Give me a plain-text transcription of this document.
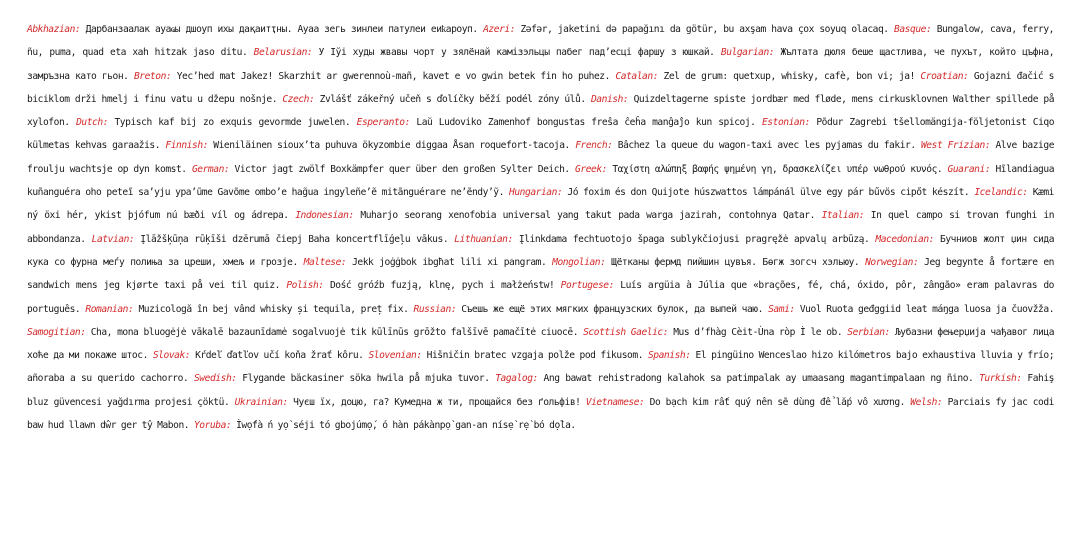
Abkhazian: Дарбанзаалак ауаҩы дшоуп ихы дақаитҭны. Ауаа зегь зинлеи патулеи еиҟароуп. Azeri: Zəfər, jaketini də papağını da götür, bu axşam hava çox soyuq olacaq. Basque: Bungalow, cava, ferry, ñu, puma, quad eta xah hitzak jaso ditu. Belarusian: У Іўі худы жвавы чорт у зялёнай камізэльцы пабег пад’есці фаршу з юшкай. Bulgarian: Жълтата дюля беше щастлива, че пухът, който цъфна, замръзна като гьон. Breton: Yec’hed mat Jakez! Skarzhit ar gwerennoù-mañ, kavet e vo gwin betek fin ho puhez. Catalan: Zel de grum: quetxup, whisky, cafè, bon vi; ja! Croatian: Gojazni đačić s biciklom drži hmelj i finu vatu u džepu nošnje. Czech: Zvlášť zákeřný učeň s ďolíčky běží podél zóny úlů. Danish: Quizdeltagerne spiste jordbær med fløde, mens cirkusklovnen Walther spillede på xylofon. Dutch: Typisch kaf bij zo exquis gevormde juwelen. Esperanto: Laŭ Ludoviko Zamenhof bongustas freŝa ĉeĥa manĝaĵo kun spicoj. Estonian: Põdur Zagrebi tšellomängija-följetonist Ciqo külmetas kehvas garaažis. Finnish: Wieniläinen sioux’ta puhuva ökyzombie diggaa Åsan roquefort-tacoja. French: Bâchez la queue du wagon-taxi avec les pyjamas du fakir. West Frizian: Alve bazige froulju wachtsje op dyn komst. German: Victor jagt zwölf Boxkämpfer quer über den großen Sylter Deich. Greek: Ταχίστη αλώπηξ βαφής ψημένη γη, δρασκελίζει υπέρ νωθρού κυνός. Guarani: Hĩlandiagua kuñanguéra oho peteĩ sa’yju ypa’ũme Gavõme ombo’e hag̃ua ingyleñe’ẽ mitãnguérare ne’ẽndy’ỹ. Hungarian: Jó foxim és don Quijote húszwattos lámpánál ülve egy pár bűvös cipőt készít. Icelandic: Kæmi ný öxi hér, ykist þjófum nú bæði víl og ádrepa. Indonesian: Muharjo seorang xenofobia universal yang takut pada warga jazirah, contohnya Qatar. Italian: In quel campo si trovan funghi in abbondanza. Latvian: Įlāžšķūņa rūķīši dzērumā čiepj Baha koncertflīģeļu vākus. Lithuanian: Įlinkdama fechtuotojo špaga sublykčiojusi pragręžė apvalų arbūzą. Macedonian: Бучниов жолт џин сида кука со фурна меѓу полиња за цреши, хмељ и грозје. Maltese: Jekk joġġbok ibgħat lili xi pangram. Mongolian: Щётканы фермд пийшин цувъя. Бөгж зогсч хэльюу. Norwegian: Jeg begynte å fortære en sandwich mens jeg kjørte taxi på vei til quiz. Polish: Dość gróźb fuzją, klnę, pych i małżeństw! Portugese: Luís argüia à Júlia que «brações, fé, chá, óxido, pôr, zângão» eram palavras do português. Romanian: Muzicologă în bej vând whisky și tequila, preț fix. Russian: Съешь же ещё этих мягких французских булок, да выпей чаю. Sami: Vuol Ruota geđggiid leat máŋga luosa ja čuovžža. Samogitian: Cha, mona bluogėjė vākalē bazaunīdamė sogalvuojė tik kūlīnūs grōžto falšīvē pamačītė ciuocē. Scottish Gaelic: Mus d’fhàg Cèit-Ùna ròp Ì le ob. Serbian: Љубазни фењерџија чађавог лица хоће да ми покаже штос. Slovak: Kŕdeľ ďatľov učí koňa žrať kôru. Slovenian: Hišničin bratec vzgaja polže pod fikusom. Spanish: El pingüino Wenceslao hizo kilómetros bajo exhaustiva lluvia y frío; añoraba a su querido cachorro. Swedish: Flygande bäckasiner söka hwila på mjuka tuvor. Tagalog: Ang bawat rehistradong kalahok sa patimpalak ay umaasang magantimpalaan ng ñino. Turkish: Fahiş bluz güvencesi yağdırma projesi çöktü. Ukrainian: Чуєш їх, доцю, га? Кумедна ж ти, прощайся без ґольфів! Vietnamese: Do bạch kim rất quý nên sẽ dùng để lắp vô xương. Welsh: Parciais fy jac codi baw hud llawn dŵr ger tŷ Mabon. Yoruba: Ìwọ́fà ń yọ̀ séji tó gbojúmọ́, ó hàn pákànpọ̀ gan-an nísẹ̀ rẹ̀ bó dọ̀la.
